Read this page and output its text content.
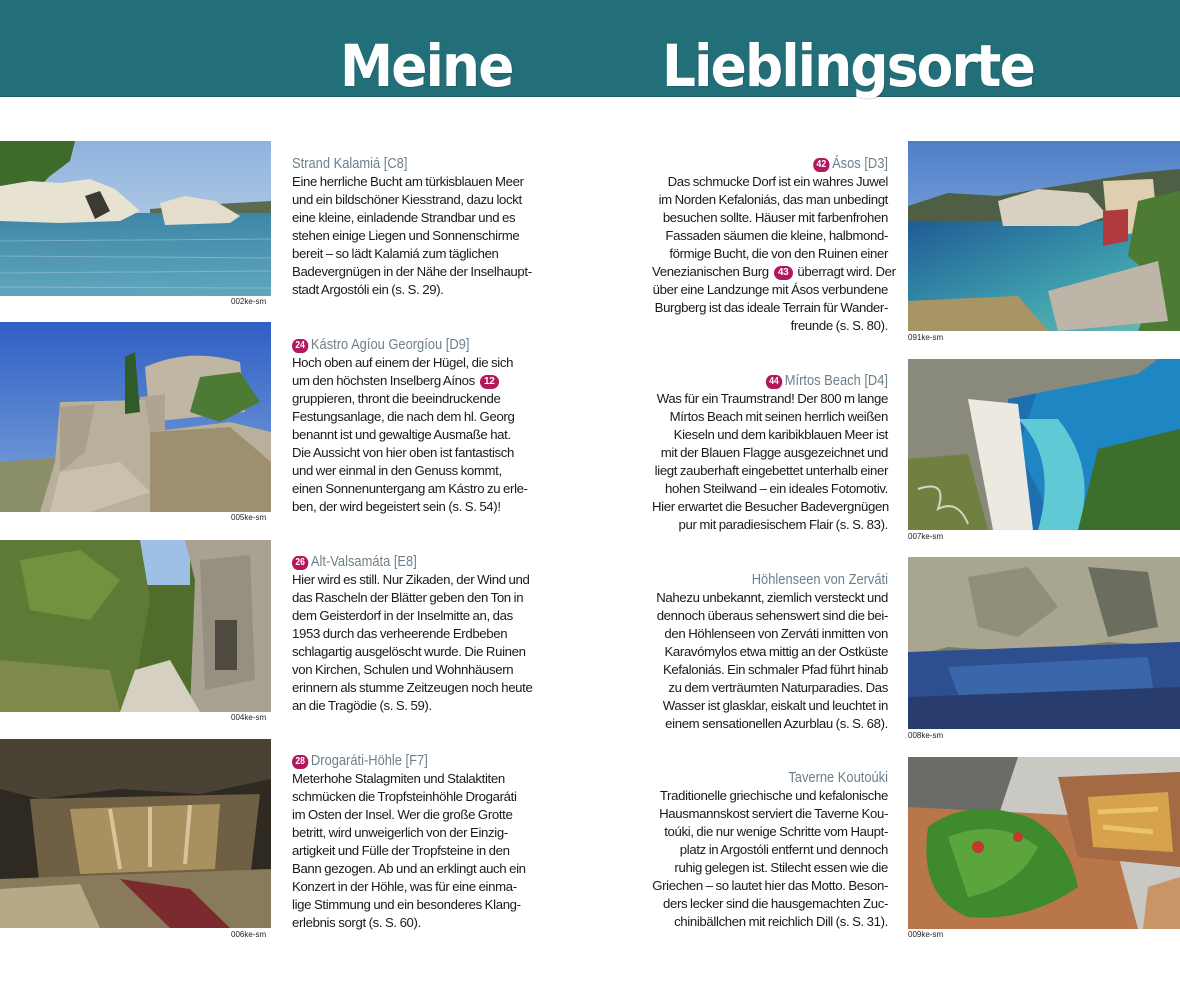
Meine	Lieblingsorte
002ke-sm
005ke-sm
004ke-sm
006ke-sm
Strand Kalamiá [C8]
Eine herrliche Bucht am türkisblauen Meer
und ein bildschöner Kiesstrand, dazu lockt
eine kleine, einladende Strandbar und es
stehen einige Liegen und Sonnenschirme
bereit – so lädt Kalamiá zum täglichen
Badevergnügen in der Nähe der Inselhaupt-
stadt Argostóli ein (s. S. 29).
24 Kástro Agíou Georgíou [D9]
Hoch oben auf einem der Hügel, die sich
um den höchsten Inselberg Aínos 12
gruppieren, thront die beeindruckende
Festungsanlage, die nach dem hl. Georg
benannt ist und gewaltige Ausmaße hat.
Die Aussicht von hier oben ist fantastisch
und wer einmal in den Genuss kommt,
einen Sonnenuntergang am Kástro zu erle-
ben, der wird begeistert sein (s. S. 54)!
26 Alt-Valsamáta [E8]
Hier wird es still. Nur Zikaden, der Wind und
das Rascheln der Blätter geben den Ton in
dem Geisterdorf in der Inselmitte an, das
1953 durch das verheerende Erdbeben
schlagartig ausgelöscht wurde. Die Ruinen
von Kirchen, Schulen und Wohnhäusern
erinnern als stumme Zeitzeugen noch heute
an die Tragödie (s. S. 59).
28 Drogaráti-Höhle [F7]
Meterhohe Stalagmiten und Stalaktiten
schmücken die Tropfsteinhöhle Drogaráti
im Osten der Insel. Wer die große Grotte
betritt, wird unweigerlich von der Einzig-
artigkeit und Fülle der Tropfsteine in den
Bann gezogen. Ab und an erklingt auch ein
Konzert in der Höhle, was für eine einma-
lige Stimmung und ein besonderes Klang-
erlebnis sorgt (s. S. 60).
42 Ásos [D3]
Das schmucke Dorf ist ein wahres Juwel
im Norden Kefaloniás, das man unbedingt
besuchen sollte. Häuser mit farbenfrohen
Fassaden säumen die kleine, halbmond-
förmige Bucht, die von den Ruinen einer
Venezianischen Burg 43 überragt wird. Der
über eine Landzunge mit Ásos verbundene
Burgberg ist das ideale Terrain für Wander-
freunde (s. S. 80).
44 Mírtos Beach [D4]
Was für ein Traumstrand! Der 800 m lange
Mírtos Beach mit seinen herrlich weißen
Kieseln und dem karibikblauen Meer ist
mit der Blauen Flagge ausgezeichnet und
liegt zauberhaft eingebettet unterhalb einer
hohen Steilwand – ein ideales Fotomotiv.
Hier erwartet die Besucher Badevergnügen
pur mit paradiesischem Flair (s. S. 83).
Höhlenseen von Zerváti
Nahezu unbekannt, ziemlich versteckt und
dennoch überaus sehenswert sind die bei-
den Höhlenseen von Zerváti inmitten von
Karavómylos etwa mittig an der Ostküste
Kefaloniás. Ein schmaler Pfad führt hinab
zu dem verträumten Naturparadies. Das
Wasser ist glasklar, eiskalt und leuchtet in
einem sensationellen Azurblau (s. S. 68).
Taverne Koutoúki
Traditionelle griechische und kefalonische
Hausmannskost serviert die Taverne Kou-
toúki, die nur wenige Schritte vom Haupt-
platz in Argostóli entfernt und dennoch
ruhig gelegen ist. Stilecht essen wie die
Griechen – so lautet hier das Motto. Beson-
ders lecker sind die hausgemachten Zuc-
chinibällchen mit reichlich Dill (s. S. 31).
091ke-sm
007ke-sm
008ke-sm
009ke-sm
